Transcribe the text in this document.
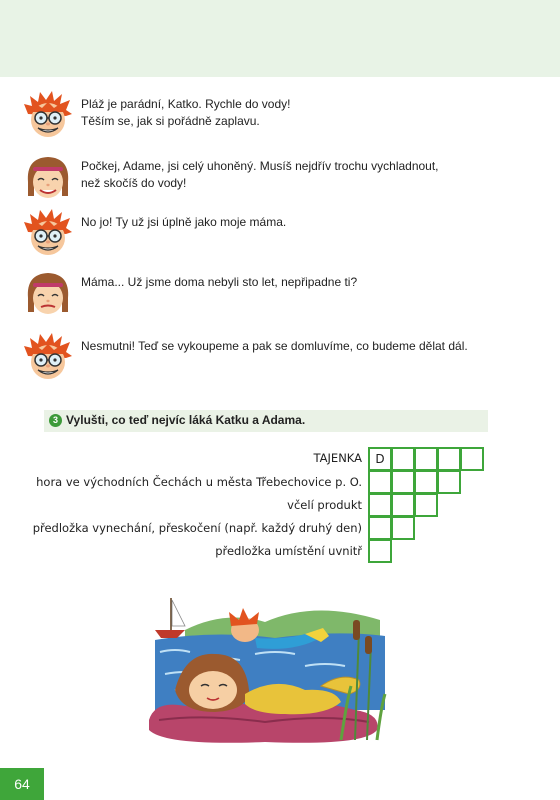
Pláž je parádní, Katko. Rychle do vody!
Těším se, jak si pořádně zaplavu.
Počkej, Adame, jsi celý uhoněný. Musíš nejdřív trochu vychladnout,
než skočíš do vody!
No jo! Ty už jsi úplně jako moje máma.
Máma... Už jsme doma nebyli sto let, nepřipadne ti?
Nesmutni! Teď se vykoupeme a pak se domluvíme, co budeme dělat dál.
3 Vylušti, co teď nejvíc láká Katku a Adama.
TAJENKA
hora ve východních Čechách u města Třebechovice p. O.
včelí produkt
předložka vynechání, přeskočení (např. každý druhý den)
předložka umístění uvnitř
D
64
